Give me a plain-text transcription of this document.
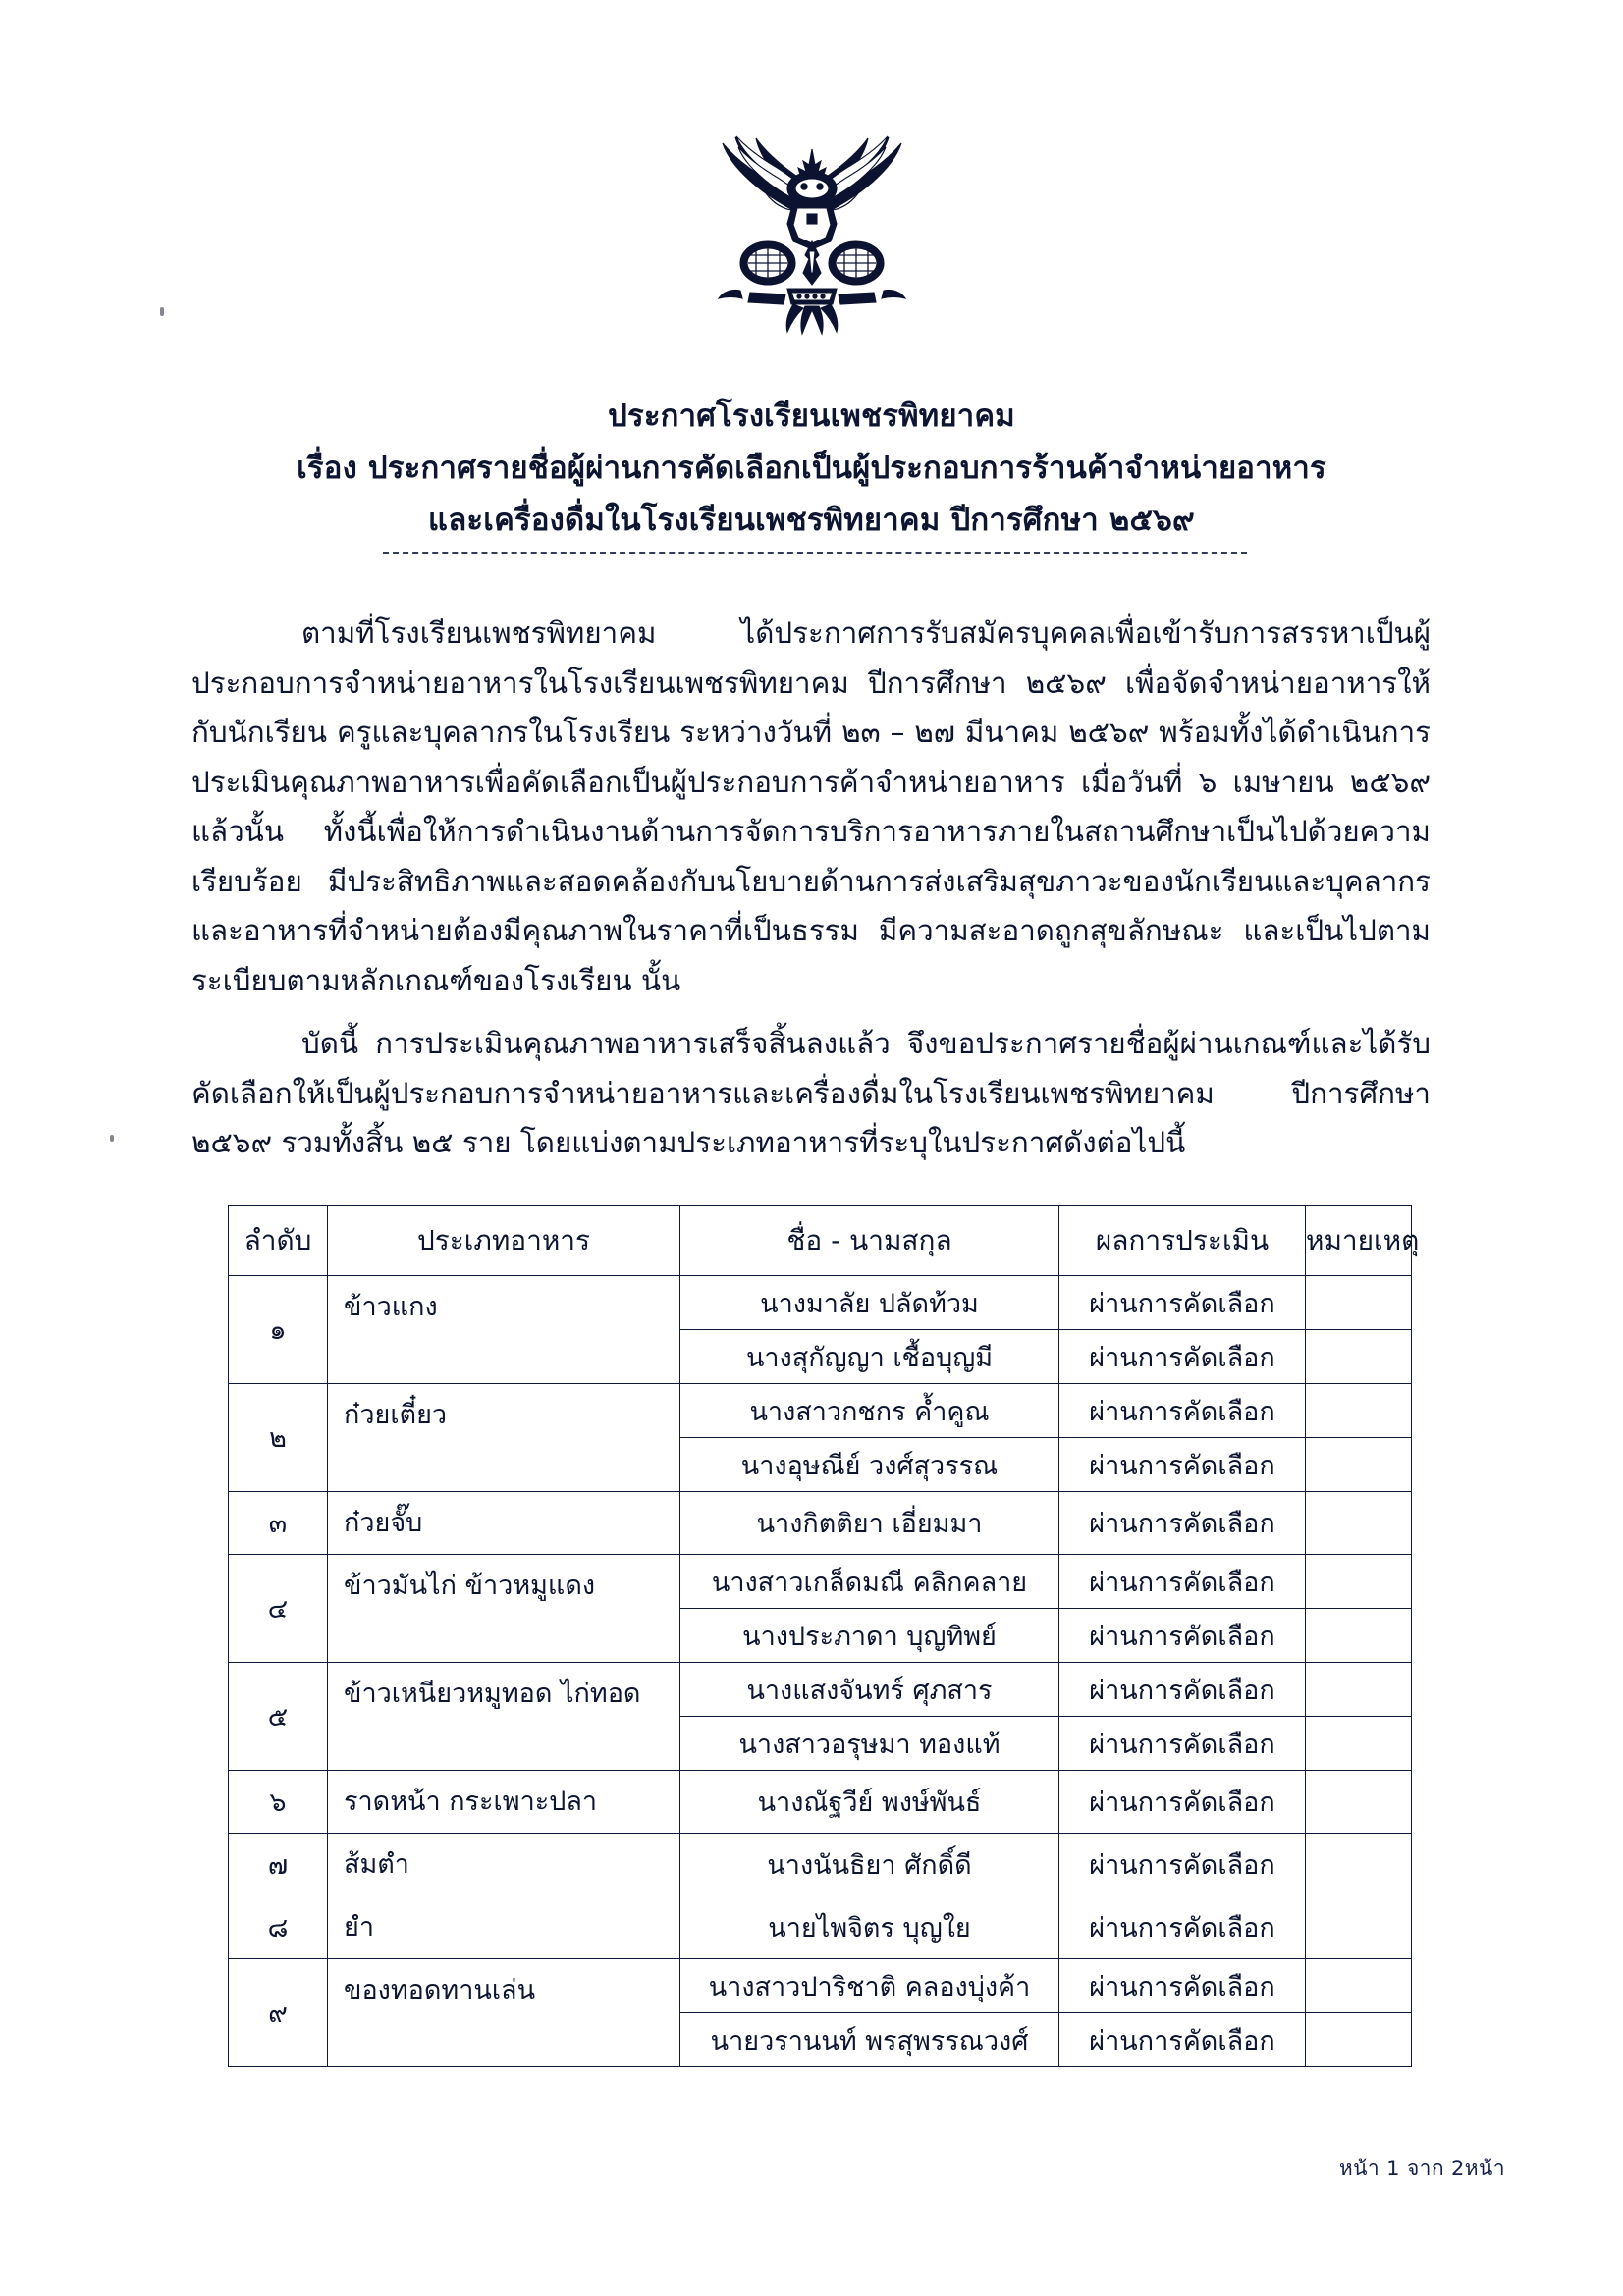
ประกาศโรงเรียนเพชรพิทยาคม
เรื่อง ประกาศรายชื่อผู้ผ่านการคัดเลือกเป็นผู้ประกอบการร้านค้าจำหน่ายอาหาร
และเครื่องดื่มในโรงเรียนเพชรพิทยาคม ปีการศึกษา ๒๕๖๙

ตามที่โรงเรียนเพชรพิทยาคม ได้ประกาศการรับสมัครบุคคลเพื่อเข้ารับการสรรหาเป็นผู้ประกอบการจำหน่ายอาหารในโรงเรียนเพชรพิทยาคม ปีการศึกษา ๒๕๖๙ เพื่อจัดจำหน่ายอาหารให้กับนักเรียน ครูและบุคลากรในโรงเรียน ระหว่างวันที่ ๒๓ – ๒๗ มีนาคม ๒๕๖๙ พร้อมทั้งได้ดำเนินการประเมินคุณภาพอาหารเพื่อคัดเลือกเป็นผู้ประกอบการค้าจำหน่ายอาหาร เมื่อวันที่ ๖ เมษายน ๒๕๖๙ แล้วนั้น ทั้งนี้เพื่อให้การดำเนินงานด้านการจัดการบริการอาหารภายในสถานศึกษาเป็นไปด้วยความเรียบร้อย มีประสิทธิภาพและสอดคล้องกับนโยบายด้านการส่งเสริมสุขภาวะของนักเรียนและบุคลากร และอาหารที่จำหน่ายต้องมีคุณภาพในราคาที่เป็นธรรม มีความสะอาดถูกสุขลักษณะ และเป็นไปตามระเบียบตามหลักเกณฑ์ของโรงเรียน นั้น

บัดนี้ การประเมินคุณภาพอาหารเสร็จสิ้นลงแล้ว จึงขอประกาศรายชื่อผู้ผ่านเกณฑ์และได้รับคัดเลือกให้เป็นผู้ประกอบการจำหน่ายอาหารและเครื่องดื่มในโรงเรียนเพชรพิทยาคม ปีการศึกษา ๒๕๖๙ รวมทั้งสิ้น ๒๕ ราย โดยแบ่งตามประเภทอาหารที่ระบุในประกาศดังต่อไปนี้

ลำดับ	ประเภทอาหาร	ชื่อ - นามสกุล	ผลการประเมิน	หมายเหตุ
๑	ข้าวแกง	นางมาลัย ปลัดท้วม	ผ่านการคัดเลือก	
		นางสุกัญญา เชื้อบุญมี	ผ่านการคัดเลือก	
๒	ก๋วยเตี๋ยว	นางสาวกชกร ค้ำคูณ	ผ่านการคัดเลือก	
		นางอุษณีย์ วงศ์สุวรรณ	ผ่านการคัดเลือก	
๓	ก๋วยจั๊บ	นางกิตติยา เอี่ยมมา	ผ่านการคัดเลือก	
๔	ข้าวมันไก่ ข้าวหมูแดง	นางสาวเกล็ดมณี คลิกคลาย	ผ่านการคัดเลือก	
		นางประภาดา บุญทิพย์	ผ่านการคัดเลือก	
๕	ข้าวเหนียวหมูทอด ไก่ทอด	นางแสงจันทร์ ศุภสาร	ผ่านการคัดเลือก	
		นางสาวอรุษมา ทองแท้	ผ่านการคัดเลือก	
๖	ราดหน้า กระเพาะปลา	นางณัฐวีย์ พงษ์พันธ์	ผ่านการคัดเลือก	
๗	ส้มตำ	นางนันธิยา ศักดิ์ดี	ผ่านการคัดเลือก	
๘	ยำ	นายไพจิตร บุญใย	ผ่านการคัดเลือก	
๙	ของทอดทานเล่น	นางสาวปาริชาติ คลองบุ่งค้า	ผ่านการคัดเลือก	
		นายวรานนท์ พรสุพรรณวงศ์	ผ่านการคัดเลือก	
หน้า 1 จาก 2หน้า
